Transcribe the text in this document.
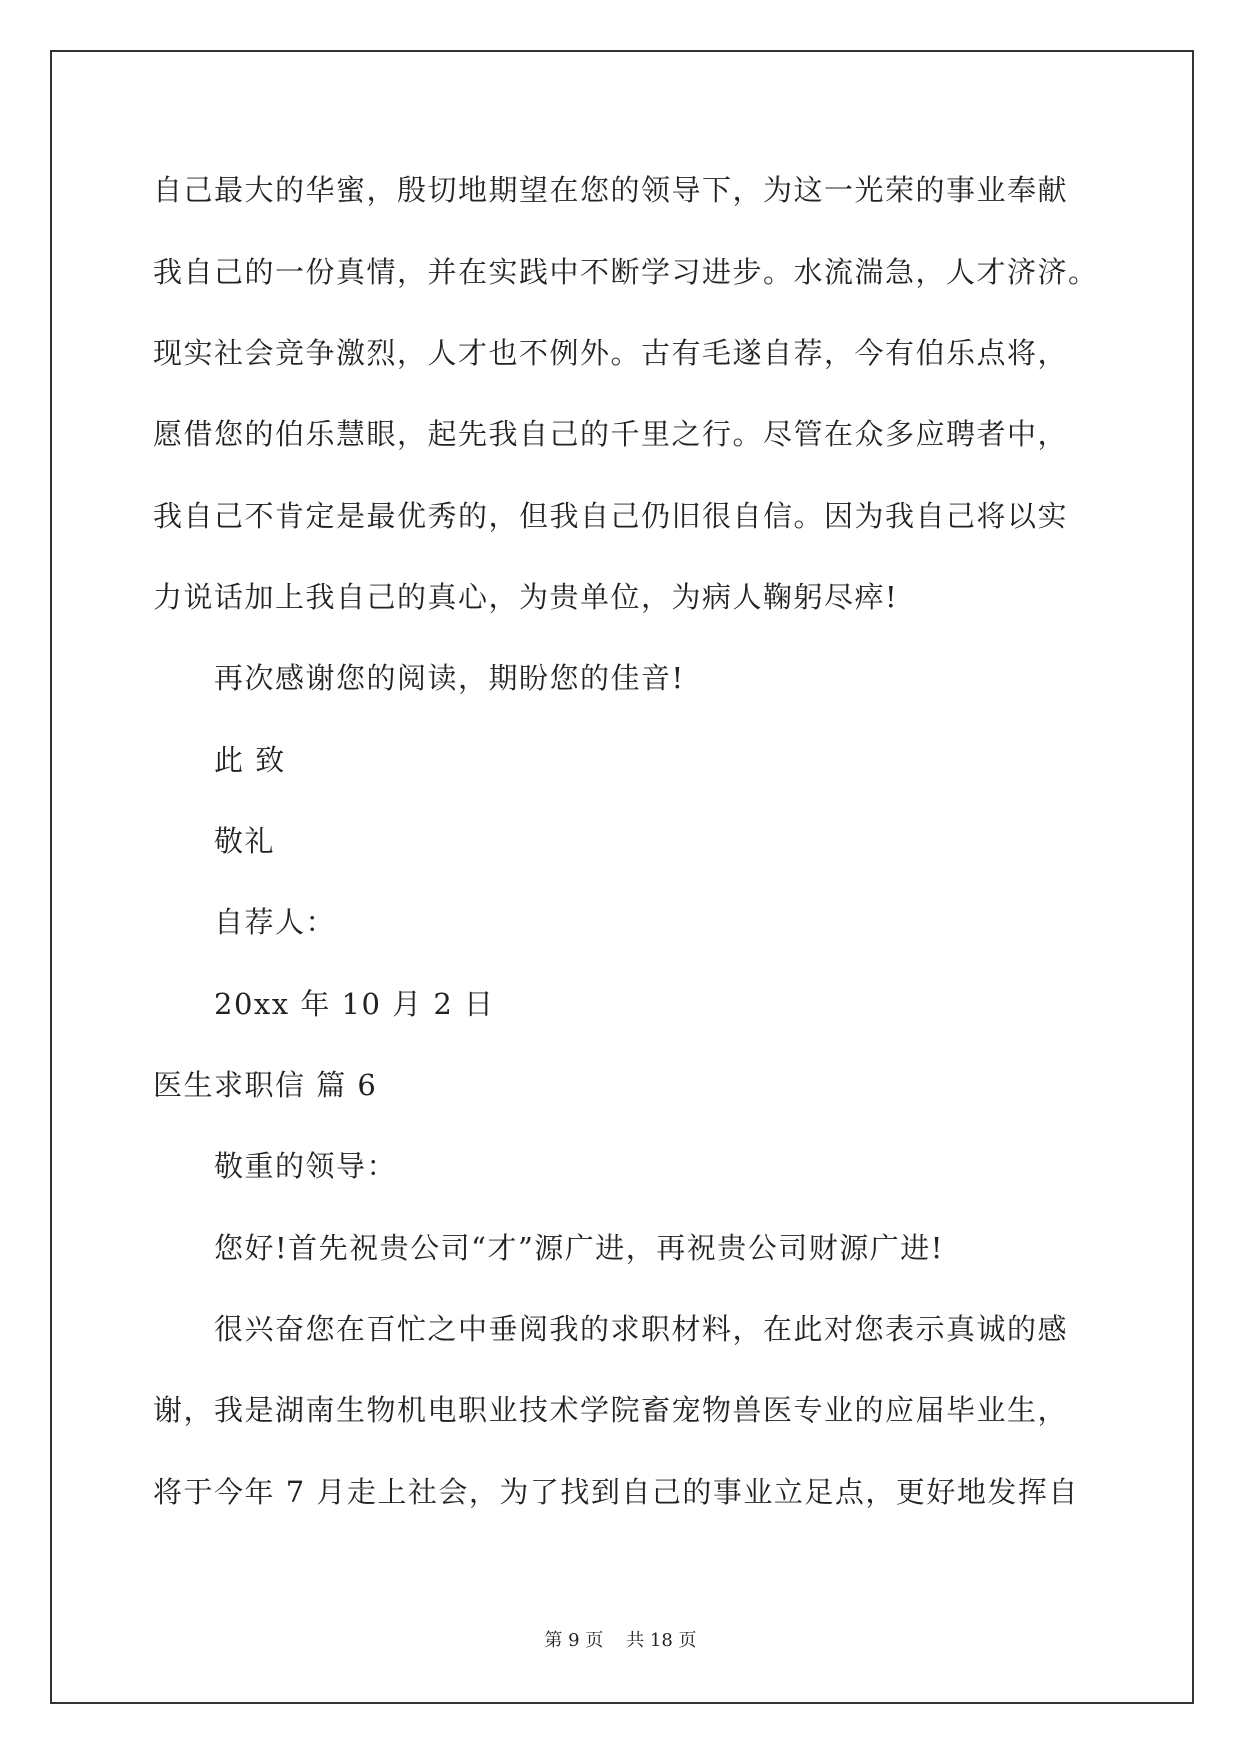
自己最大的华蜜，殷切地期望在您的领导下，为这一光荣的事业奉献
我自己的一份真情，并在实践中不断学习进步。水流湍急，人才济济。
现实社会竞争激烈，人才也不例外。古有毛遂自荐，今有伯乐点将，
愿借您的伯乐慧眼，起先我自己的千里之行。尽管在众多应聘者中，
我自己不肯定是最优秀的，但我自己仍旧很自信。因为我自己将以实
力说话加上我自己的真心，为贵单位，为病人鞠躬尽瘁!
再次感谢您的阅读，期盼您的佳音!
此 致
敬礼
自荐人：
20xx 年 10 月 2 日
医生求职信 篇 6
敬重的领导：
您好!首先祝贵公司“才”源广进，再祝贵公司财源广进!
很兴奋您在百忙之中垂阅我的求职材料，在此对您表示真诚的感
谢，我是湖南生物机电职业技术学院畜宠物兽医专业的应届毕业生，
将于今年 7 月走上社会，为了找到自己的事业立足点，更好地发挥自
第 9 页    共 18 页
